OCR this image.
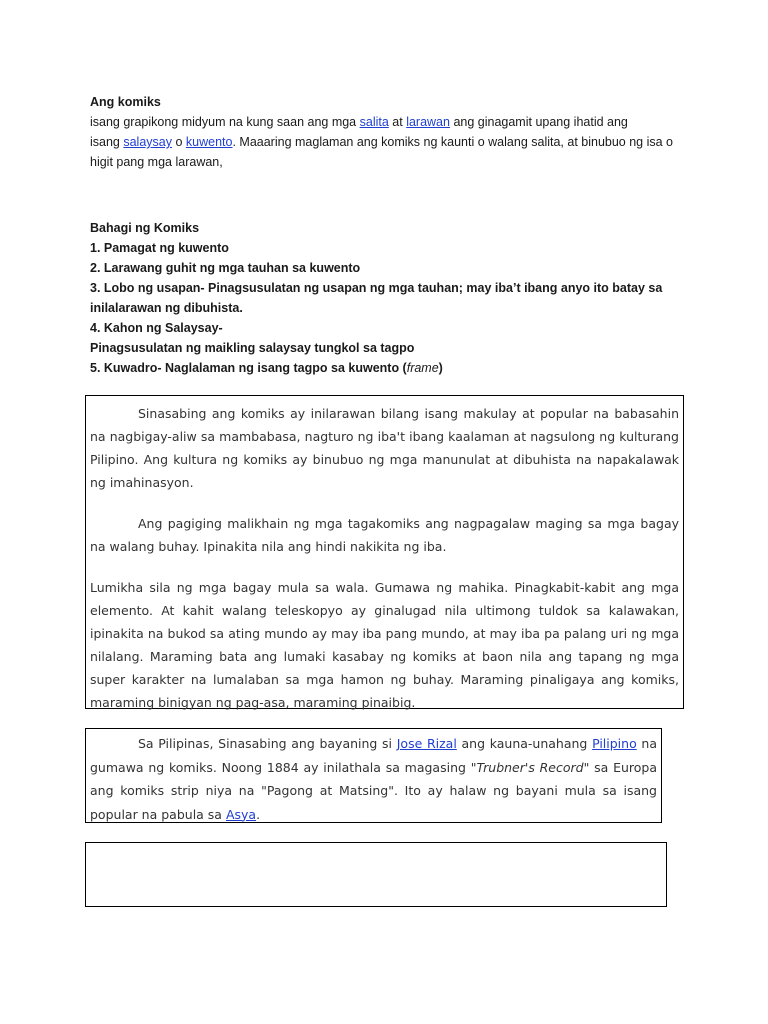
Ang komiks

isang grapikong midyum na kung saan ang mga salita at larawan ang ginagamit upang ihatid ang

isang salaysay o kuwento. Maaaring maglaman ang komiks ng kaunti o walang salita, at binubuo ng isa o

higit pang mga larawan,

Bahagi ng Komiks

1. Pamagat ng kuwento

2. Larawang guhit ng mga tauhan sa kuwento

3. Lobo ng usapan- Pinagsusulatan ng usapan ng mga tauhan; may iba’t ibang anyo ito batay sa

inilalarawan ng dibuhista.

4. Kahon ng Salaysay-

Pinagsusulatan ng maikling salaysay tungkol sa tagpo

5. Kuwadro- Naglalaman ng isang tagpo sa kuwento (frame)

Sinasabing ang komiks ay inilarawan bilang isang makulay at popular na babasahin na nagbigay-aliw sa mambabasa, nagturo ng iba't ibang kaalaman at nagsulong ng kulturang Pilipino. Ang kultura ng komiks ay binubuo ng mga manunulat at dibuhista na napakalawak ng imahinasyon.

Ang pagiging malikhain ng mga tagakomiks ang nagpagalaw maging sa mga bagay na walang buhay. Ipinakita nila ang hindi nakikita ng iba.

Lumikha sila ng mga bagay mula sa wala. Gumawa ng mahika. Pinagkabit-kabit ang mga elemento. At kahit walang teleskopyo ay ginalugad nila ultimong tuldok sa kalawakan, ipinakita na bukod sa ating mundo ay may iba pang mundo, at may iba pa palang uri ng mga nilalang. Maraming bata ang lumaki kasabay ng komiks at baon nila ang tapang ng mga super karakter na lumalaban sa mga hamon ng buhay. Maraming pinaligaya ang komiks, maraming binigyan ng pag-asa, maraming pinaibig.

Sa Pilipinas, Sinasabing ang bayaning si Jose Rizal ang kauna-unahang Pilipino na gumawa ng komiks. Noong 1884 ay inilathala sa magasing "Trubner's Record" sa Europa ang komiks strip niya na "Pagong at Matsing". Ito ay halaw ng bayani mula sa isang popular na pabula sa Asya.
